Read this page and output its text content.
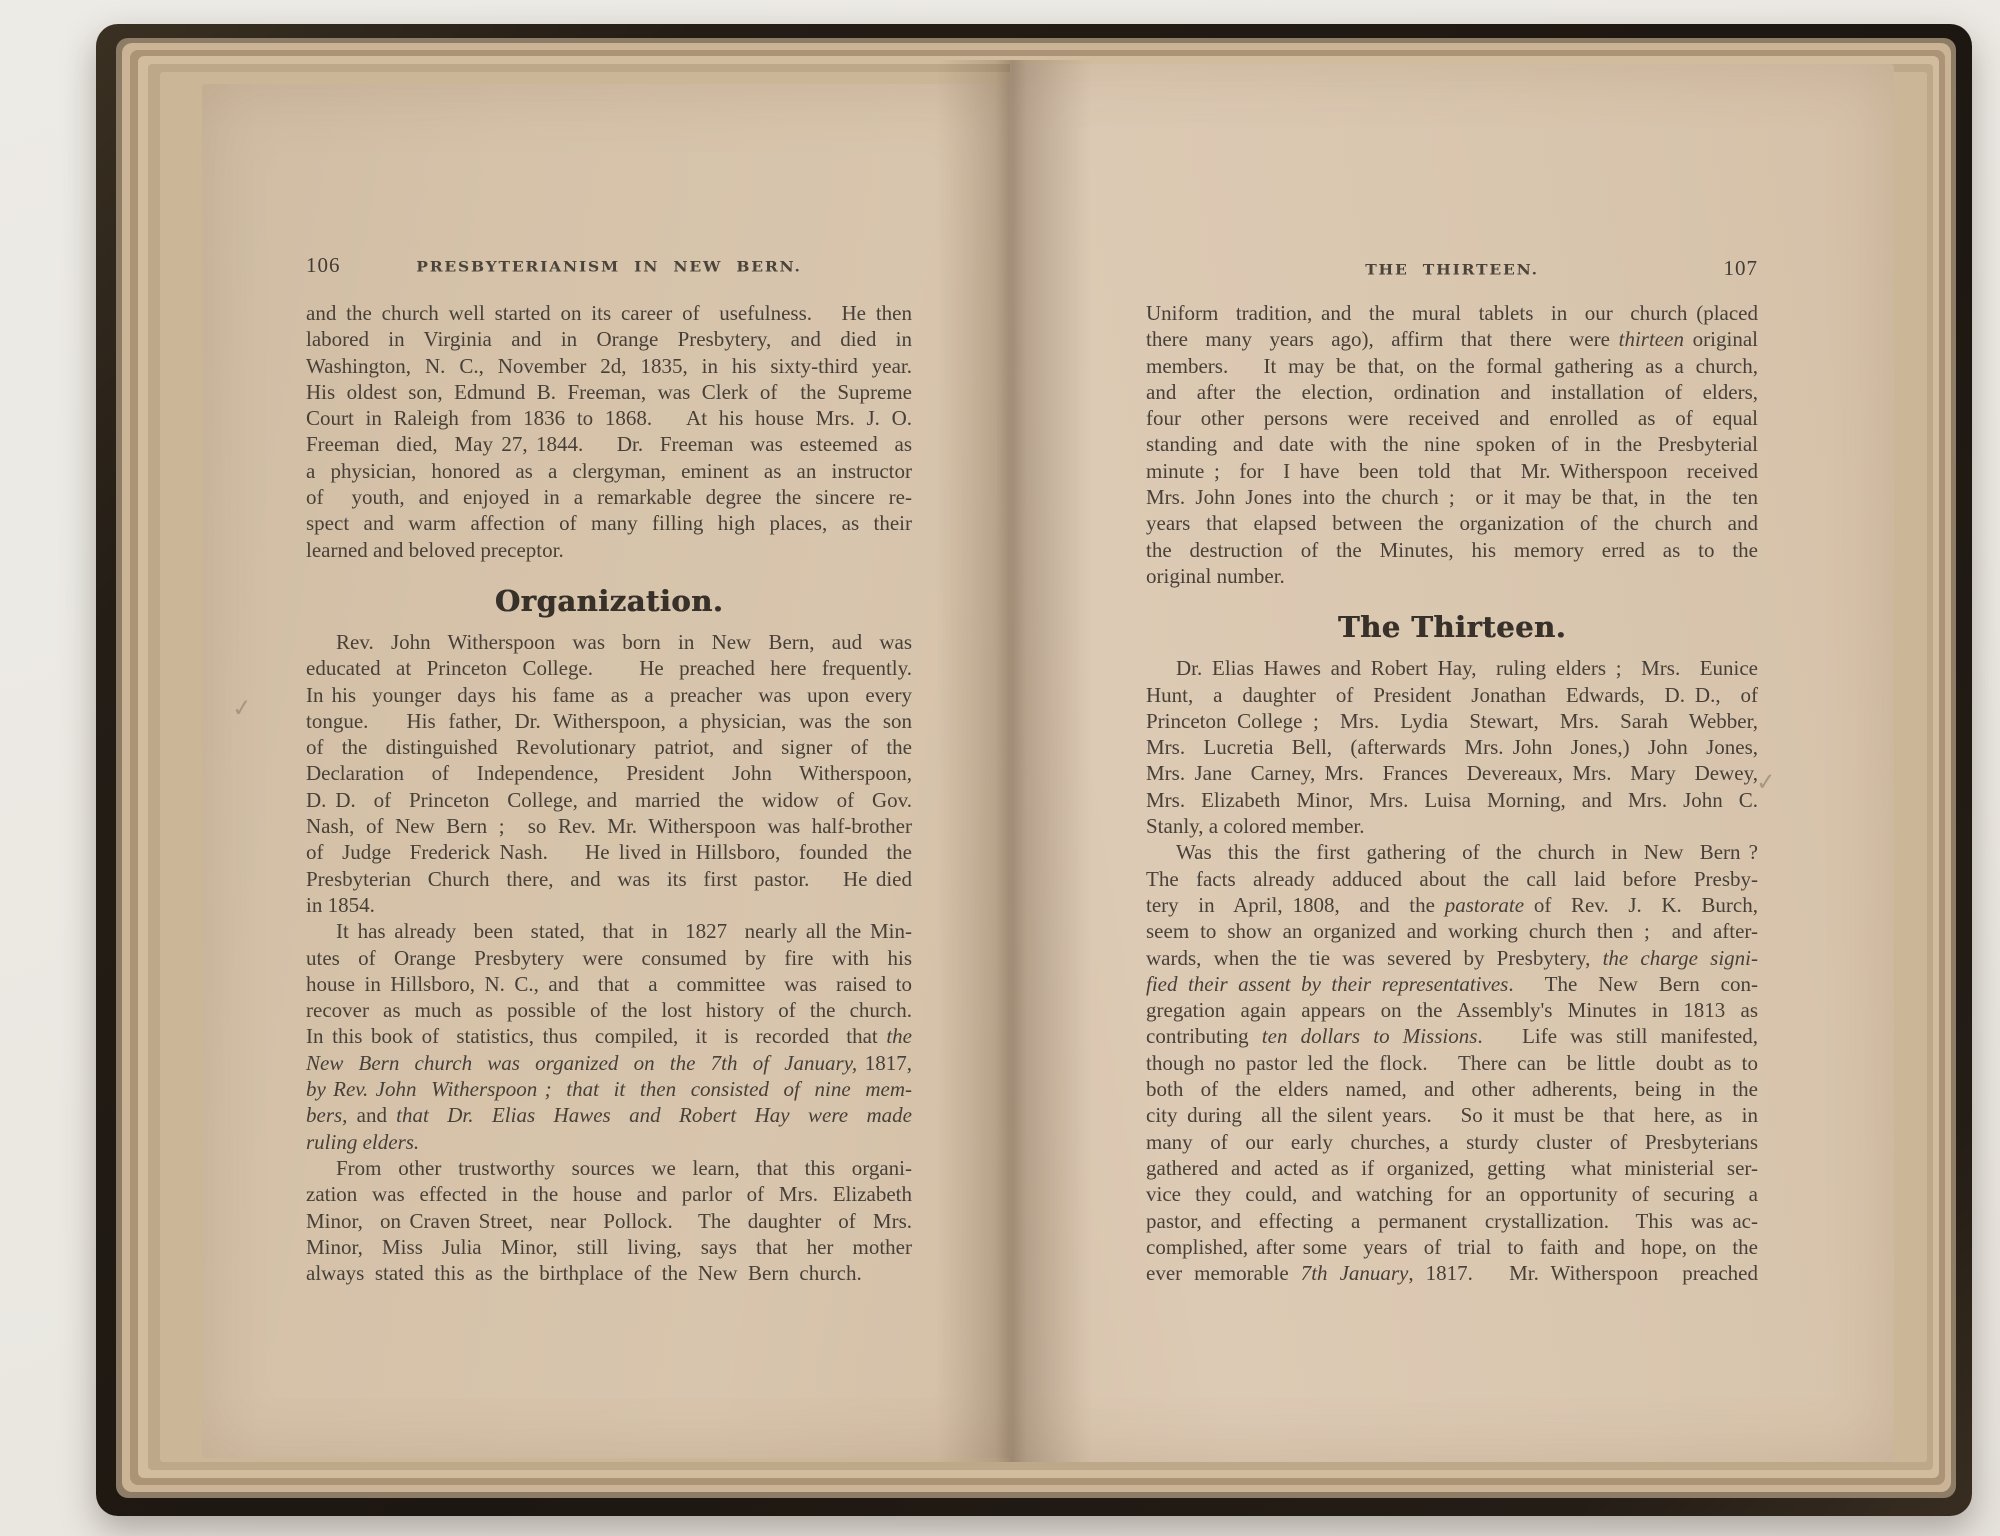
106	PRESBYTERIANISM IN NEW BERN.
and the church well started on its career of  usefulness.   He then
labored  in  Virginia  and  in  Orange  Presbytery,  and  died  in
Washington, N. C., November 2d, 1835, in his sixty-third year.
His oldest son, Edmund B. Freeman, was Clerk of  the Supreme
Court in Raleigh from 1836 to 1868.   At his house Mrs. J. O.
Freeman  died,  May 27, 1844.    Dr.  Freeman  was  esteemed  as
a physician, honored as a clergyman, eminent as an instructor
of  youth, and enjoyed in a remarkable degree the sincere re-
spect  and  warm  affection  of  many  filling  high  places,  as  their
learned and beloved preceptor.
Organization.
Rev.  John  Witherspoon  was  born  in  New  Bern,  aud  was
educated at Princeton College.   He preached here frequently.
In his  younger  days  his  fame  as  a  preacher  was  upon  every
tongue.   His father, Dr. Witherspoon, a physician, was the son
of  the  distinguished  Revolutionary  patriot,  and  signer  of  the
Declaration  of  Independence,  President  John  Witherspoon,
D. D.  of  Princeton  College, and  married  the  widow  of  Gov.
Nash, of New Bern ;  so Rev. Mr. Witherspoon was half-brother
of  Judge  Frederick Nash.    He lived in Hillsboro,  founded  the
Presbyterian  Church  there,  and  was  its  first  pastor.    He died
in 1854.
It has already  been  stated,  that  in  1827  nearly all the Min-
utes  of  Orange  Presbytery  were  consumed  by  fire  with  his
house in Hillsboro, N. C., and  that  a  committee  was  raised to
recover  as  much  as  possible  of  the  lost  history  of  the  church.
In this book of  statistics, thus  compiled,  it  is  recorded  that the
New  Bern  church  was  organized  on  the  7th  of  January, 1817,
by Rev. John  Witherspoon ;  that  it  then  consisted  of  nine  mem-
bers, and that  Dr.  Elias  Hawes  and  Robert  Hay  were  made
ruling elders.
From  other  trustworthy  sources  we  learn,  that  this  organi-
zation  was  effected  in  the  house  and  parlor  of  Mrs.  Elizabeth
Minor,  on Craven Street,  near  Pollock.   The  daughter  of  Mrs.
Minor,  Miss  Julia  Minor,  still  living,  says  that  her  mother
always  stated  this  as  the  birthplace  of  the  New  Bern  church.
THE THIRTEEN.	107
Uniform  tradition, and  the  mural  tablets  in  our  church (placed
there  many  years  ago),  affirm  that  there  were thirteen original
members.   It may be that, on the formal gathering as a church,
and  after  the  election,  ordination  and  installation  of  elders,
four  other  persons  were  received  and  enrolled  as  of  equal
standing  and  date  with  the  nine  spoken  of  in  the  Presbyterial
minute ;  for  I have  been  told  that  Mr. Witherspoon  received
Mrs. John Jones into the church ;  or it may be that, in  the  ten
years  that  elapsed  between  the  organization  of  the  church  and
the  destruction  of  the  Minutes,  his  memory  erred  as  to  the
original number.
The Thirteen.
Dr. Elias Hawes and Robert Hay,  ruling elders ;  Mrs.  Eunice
Hunt,  a  daughter  of  President  Jonathan  Edwards,  D. D.,  of
Princeton College ;  Mrs.  Lydia  Stewart,  Mrs.  Sarah  Webber,
Mrs.  Lucretia  Bell,  (afterwards  Mrs. John  Jones,)  John  Jones,
Mrs. Jane  Carney, Mrs.  Frances  Devereaux, Mrs.  Mary  Dewey,
Mrs.  Elizabeth  Minor,  Mrs.  Luisa  Morning,  and  Mrs.  John  C.
Stanly, a colored member.
Was  this  the  first  gathering  of  the  church  in  New  Bern ?
The  facts  already  adduced  about  the  call  laid  before  Presby-
tery  in  April, 1808,  and  the pastorate of  Rev.  J.  K.  Burch,
seem to show an organized and working church then ;  and after-
wards, when the tie was severed by Presbytery, the charge signi-
fied their assent by their representatives.   The  New  Bern  con-
gregation again appears on the Assembly's Minutes in 1813 as
contributing ten dollars to Missions.   Life was still manifested,
though no pastor led the flock.   There can  be little  doubt as to
both  of  the  elders  named,  and  other  adherents,  being  in  the
city during  all the silent years.   So it must be  that  here, as  in
many  of  our  early  churches, a  sturdy  cluster  of  Presbyterians
gathered and acted as if organized, getting  what ministerial ser-
vice they could, and watching for an opportunity of securing a
pastor, and  effecting  a  permanent  crystallization.   This  was ac-
complished, after some  years  of  trial  to  faith  and  hope, on  the
ever memorable 7th January, 1817.   Mr. Witherspoon  preached
✓
✓
